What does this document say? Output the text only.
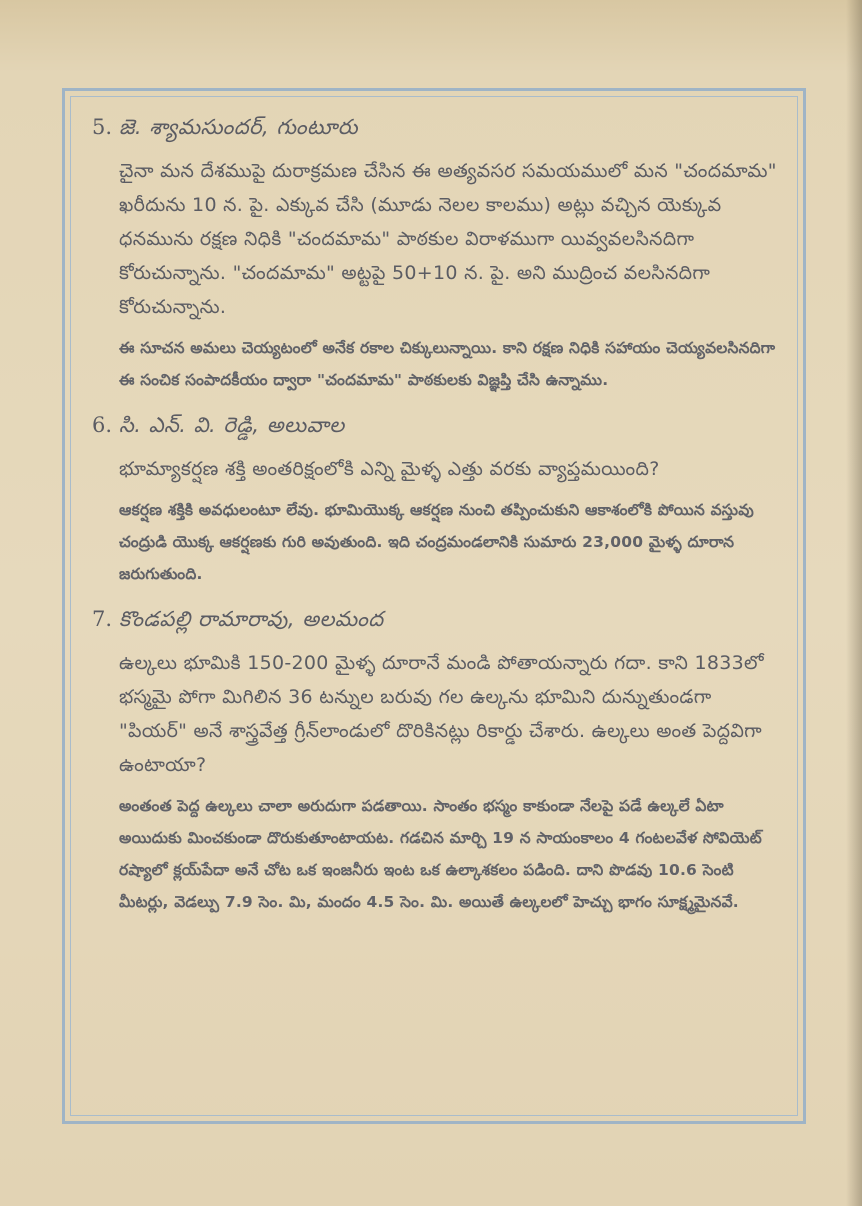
5. జె. శ్యామసుందర్, గుంటూరు
చైనా మన దేశముపై దురాక్రమణ చేసిన ఈ అత్యవసర సమయములో మన "చందమామ" ఖరీదును 10 న. పై. ఎక్కువ చేసి (మూడు నెలల కాలము) అట్లు వచ్చిన యెక్కువ ధనమును రక్షణ నిధికి "చందమామ" పాఠకుల విరాళముగా యివ్వవలసినదిగా కోరుచున్నాను. "చందమామ" అట్టపై 50+10 న. పై. అని ముద్రించ వలసినదిగా కోరుచున్నాను.
ఈ సూచన అమలు చెయ్యటంలో అనేక రకాల చిక్కులున్నాయి. కాని రక్షణ నిధికి సహాయం చెయ్యవలసినదిగా ఈ సంచిక సంపాదకీయం ద్వారా "చందమామ" పాఠకులకు విజ్ఞప్తి చేసి ఉన్నాము.
6. సి. ఎన్. వి. రెడ్డి, అలువాల
భూమ్యాకర్షణ శక్తి అంతరిక్షంలోకి ఎన్ని మైళ్ళ ఎత్తు వరకు వ్యాప్తమయింది?
ఆకర్షణ శక్తికి అవధులంటూ లేవు. భూమియొక్క ఆకర్షణ నుంచి తప్పించుకుని ఆకాశంలోకి పోయిన వస్తువు చంద్రుడి యొక్క ఆకర్షణకు గురి అవుతుంది. ఇది చంద్రమండలానికి సుమారు 23,000 మైళ్ళ దూరాన జరుగుతుంది.
7. కొండపల్లి రామారావు, అలమంద
ఉల్కలు భూమికి 150-200 మైళ్ళ దూరానే మండి పోతాయన్నారు గదా. కాని 1833లో భస్మమై పోగా మిగిలిన 36 టన్నుల బరువు గల ఉల్కను భూమిని దున్నుతుండగా "పియర్" అనే శాస్త్రవేత్త గ్రీన్‌లాండులో దొరికినట్లు రికార్డు చేశారు. ఉల్కలు అంత పెద్దవిగా ఉంటాయా?
అంతంత పెద్ద ఉల్కలు చాలా అరుదుగా పడతాయి. సాంతం భస్మం కాకుండా నేలపై పడే ఉల్కలే ఏటా అయిదుకు మించకుండా దొరుకుతూంటాయట. గడచిన మార్చి 19 న సాయంకాలం 4 గంటలవేళ సోవియెట్ రష్యాలో క్లయ్‌పేదా అనే చోట ఒక ఇంజనీరు ఇంట ఒక ఉల్కాశకలం పడింది. దాని పొడవు 10.6 సెంటి మీటర్లు, వెడల్పు 7.9 సెం. మి, మందం 4.5 సెం. మి. అయితే ఉల్కలలో హెచ్చు భాగం సూక్ష్మమైనవే.
